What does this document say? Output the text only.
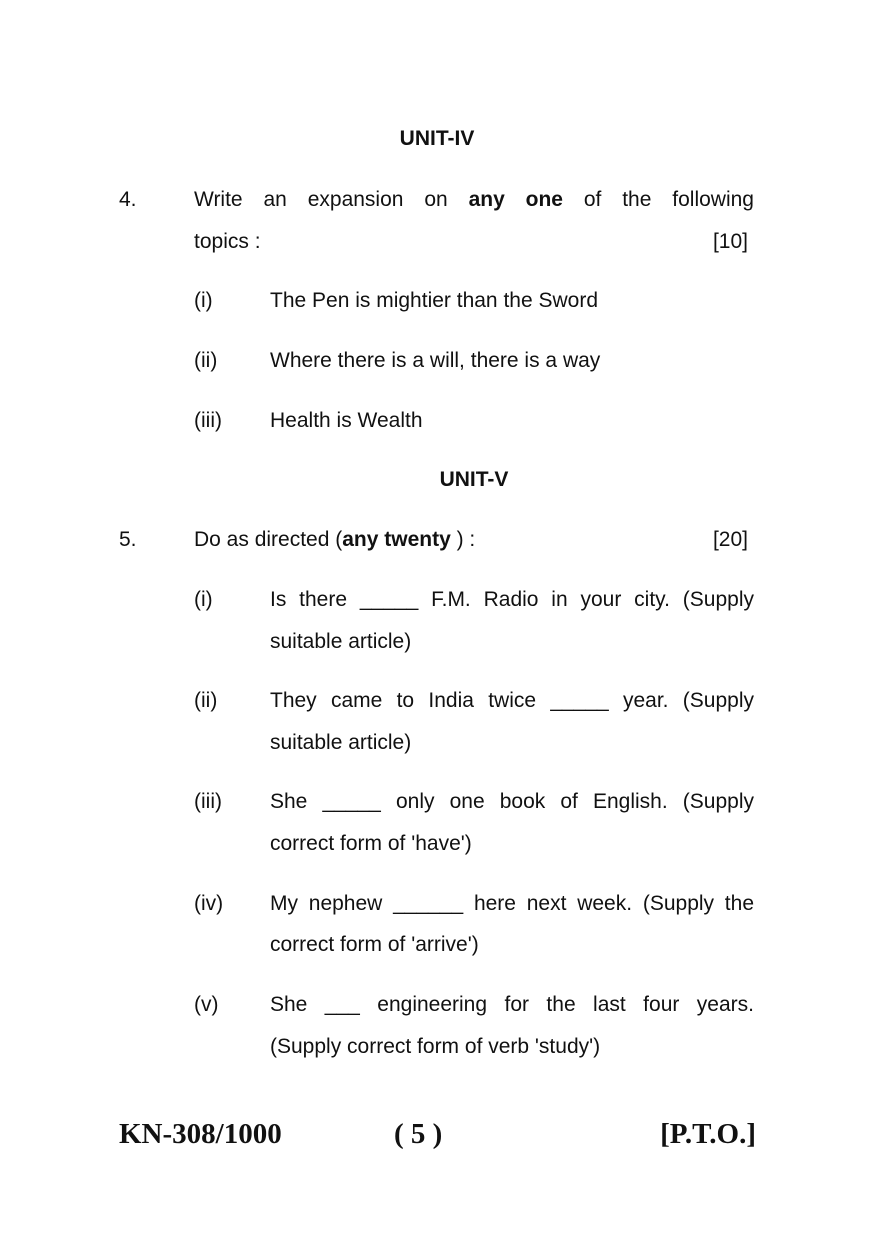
UNIT-IV
4.	Write an expansion on any one of the following
topics :	[10]
(i)	The Pen is mightier than the Sword
(ii)	Where there is a will, there is a way
(iii) Health is Wealth
UNIT-V
5.	Do as directed (any twenty ) :	[20]
(i)	Is there _____ F.M. Radio in your city. (Supply
suitable article)
(ii)	They came to India twice _____ year. (Supply
suitable article)
(iii) She _____ only one book of English. (Supply
correct form of 'have')
(iv) My nephew ______ here next week. (Supply the
correct form of 'arrive')
(v) She ___ engineering for the last four years.
(Supply correct form of verb 'study')
KN-308/1000	( 5 )	[P.T.O.]
